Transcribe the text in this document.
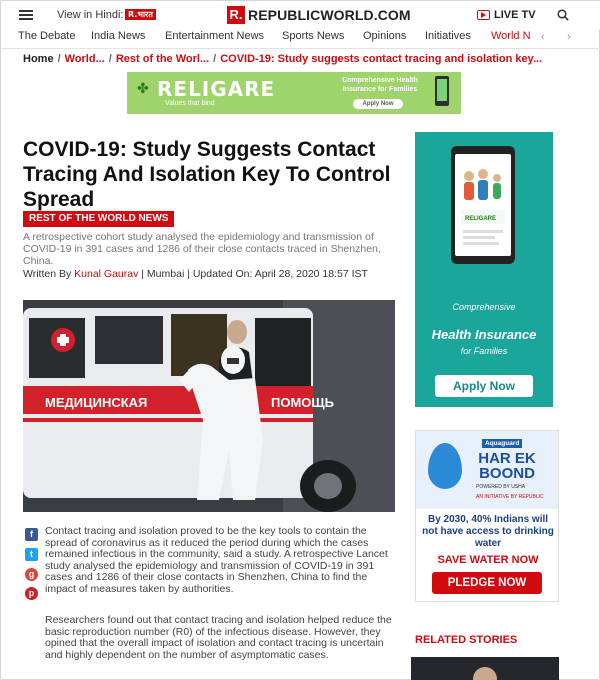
View in Hindi: R.भारत	R. REPUBLICWORLD.COM	LIVE TV
The Debate India News Entertainment News Sports News Opinions Initiatives World N ‹ ›
Home / World... / Rest of the Worl... / COVID-19: Study suggests contact tracing and isolation key...
✤ RELIGARE
Values that bind
Comprehensive Health Insurance for Families
Apply Now
COVID-19: Study Suggests Contact Tracing And Isolation Key To Control Spread
REST OF THE WORLD NEWS

A retrospective cohort study analysed the epidemiology and transmission of COVID-19 in 391 cases and 1286 of their close contacts traced in Shenzhen, China.

Written By Kunal Gaurav | Mumbai | Updated On: April 28, 2020 18:57 IST

МЕДИЦИНСКАЯ	ПОМОЩЬ
f
t
g
p

Contact tracing and isolation proved to be the key tools to contain the spread of coronavirus as it reduced the period during which the cases remained infectious in the community, said a study. A retrospective Lancet study analysed the epidemiology and transmission of COVID-19 in 391 cases and 1286 of their close contacts in Shenzhen, China to find the impact of measures taken by authorities.

Researchers found out that contact tracing and isolation helped reduce the basic reproduction number (R0) of the infectious disease. However, they opined that the overall impact of isolation and contact tracing is uncertain and highly dependent on the number of asymptomatic cases.

RELIGARE
Comprehensive
Health Insurance
for Families
Apply Now
Aquaguard
HAR EK BOOND
POWERED BY USHA
AN INITIATIVE BY REPUBLIC
By 2030, 40% Indians will not have access to drinking water
SAVE WATER NOW
PLEDGE NOW
RELATED STORIES
